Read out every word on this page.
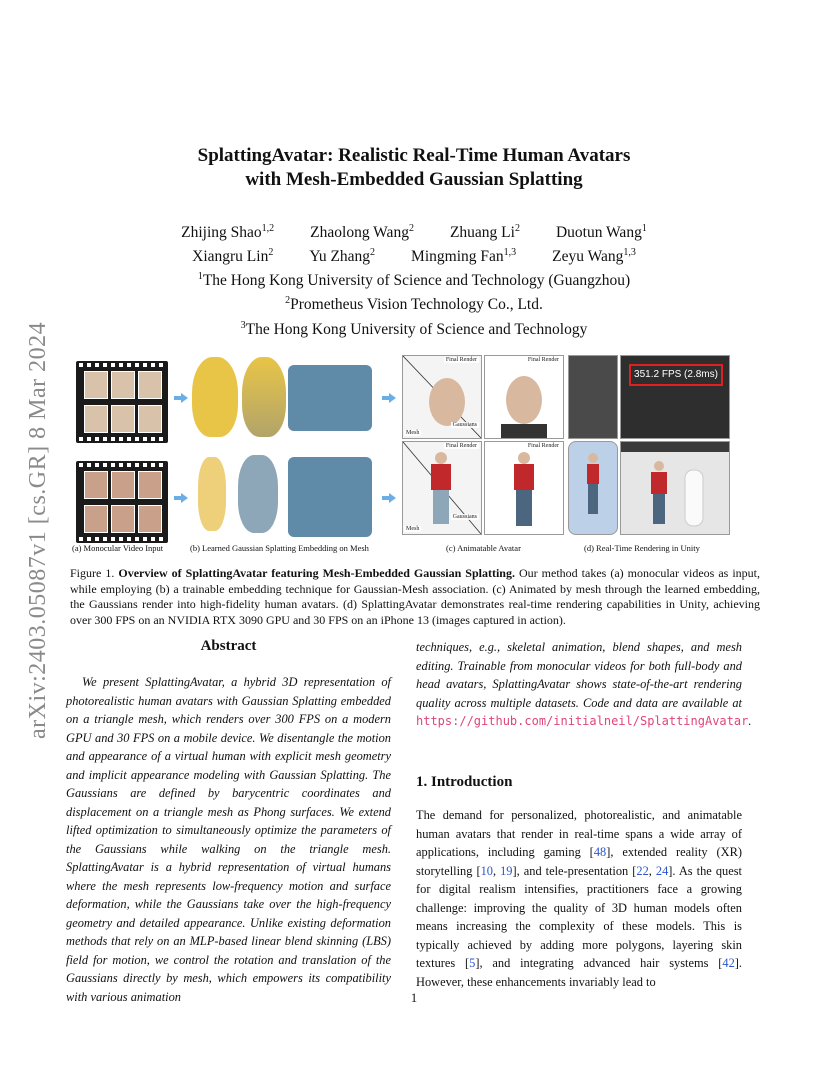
arXiv:2403.05087v1 [cs.GR] 8 Mar 2024
SplattingAvatar: Realistic Real-Time Human Avatars
with Mesh-Embedded Gaussian Splatting
Zhijing Shao$^{1,2}$ Zhaolong Wang$^2$ Zhuang Li$^2$ Duotun Wang$^1$
Xiangru Lin$^2$ Yu Zhang$^2$ Mingming Fan$^{1,3}$ Zeyu Wang$^{1,3}$
$^1$The Hong Kong University of Science and Technology (Guangzhou)
$^2$Prometheus Vision Technology Co., Ltd.
$^3$The Hong Kong University of Science and Technology
Final Render
Mesh
Gaussians
Final Render
Final Render
Mesh
Gaussians
Final Render
351.2 FPS (2.8ms)
(a) Monocular Video Input	(b) Learned Gaussian Splatting Embedding on Mesh	(c) Animatable Avatar	(d) Real-Time Rendering in Unity
Figure 1. Overview of SplattingAvatar featuring Mesh-Embedded Gaussian Splatting. Our method takes (a) monocular videos as input, while employing (b) a trainable embedding technique for Gaussian-Mesh association. (c) Animated by mesh through the learned embedding, the Gaussians render into high-fidelity human avatars. (d) SplattingAvatar demonstrates real-time rendering capabilities in Unity, achieving over 300 FPS on an NVIDIA RTX 3090 GPU and 30 FPS on an iPhone 13 (images captured in action).
Abstract
We present SplattingAvatar, a hybrid 3D representation of photorealistic human avatars with Gaussian Splatting embedded on a triangle mesh, which renders over 300 FPS on a modern GPU and 30 FPS on a mobile device. We disentangle the motion and appearance of a virtual human with explicit mesh geometry and implicit appearance modeling with Gaussian Splatting. The Gaussians are defined by barycentric coordinates and displacement on a triangle mesh as Phong surfaces. We extend lifted optimization to simultaneously optimize the parameters of the Gaussians while walking on the triangle mesh. SplattingAvatar is a hybrid representation of virtual humans where the mesh represents low-frequency motion and surface deformation, while the Gaussians take over the high-frequency geometry and detailed appearance. Unlike existing deformation methods that rely on an MLP-based linear blend skinning (LBS) field for motion, we control the rotation and translation of the Gaussians directly by mesh, which empowers its compatibility with various animation
techniques, e.g., skeletal animation, blend shapes, and mesh editing. Trainable from monocular videos for both full-body and head avatars, SplattingAvatar shows state-of-the-art rendering quality across multiple datasets. Code and data are available at https://github.com/initialneil/SplattingAvatar.
1. Introduction
The demand for personalized, photorealistic, and animatable human avatars that render in real-time spans a wide array of applications, including gaming [48], extended reality (XR) storytelling [10, 19], and tele-presentation [22, 24]. As the quest for digital realism intensifies, practitioners face a growing challenge: improving the quality of 3D human models often means increasing the complexity of these models. This is typically achieved by adding more polygons, layering skin textures [5], and integrating advanced hair systems [42]. However, these enhancements invariably lead to
1
